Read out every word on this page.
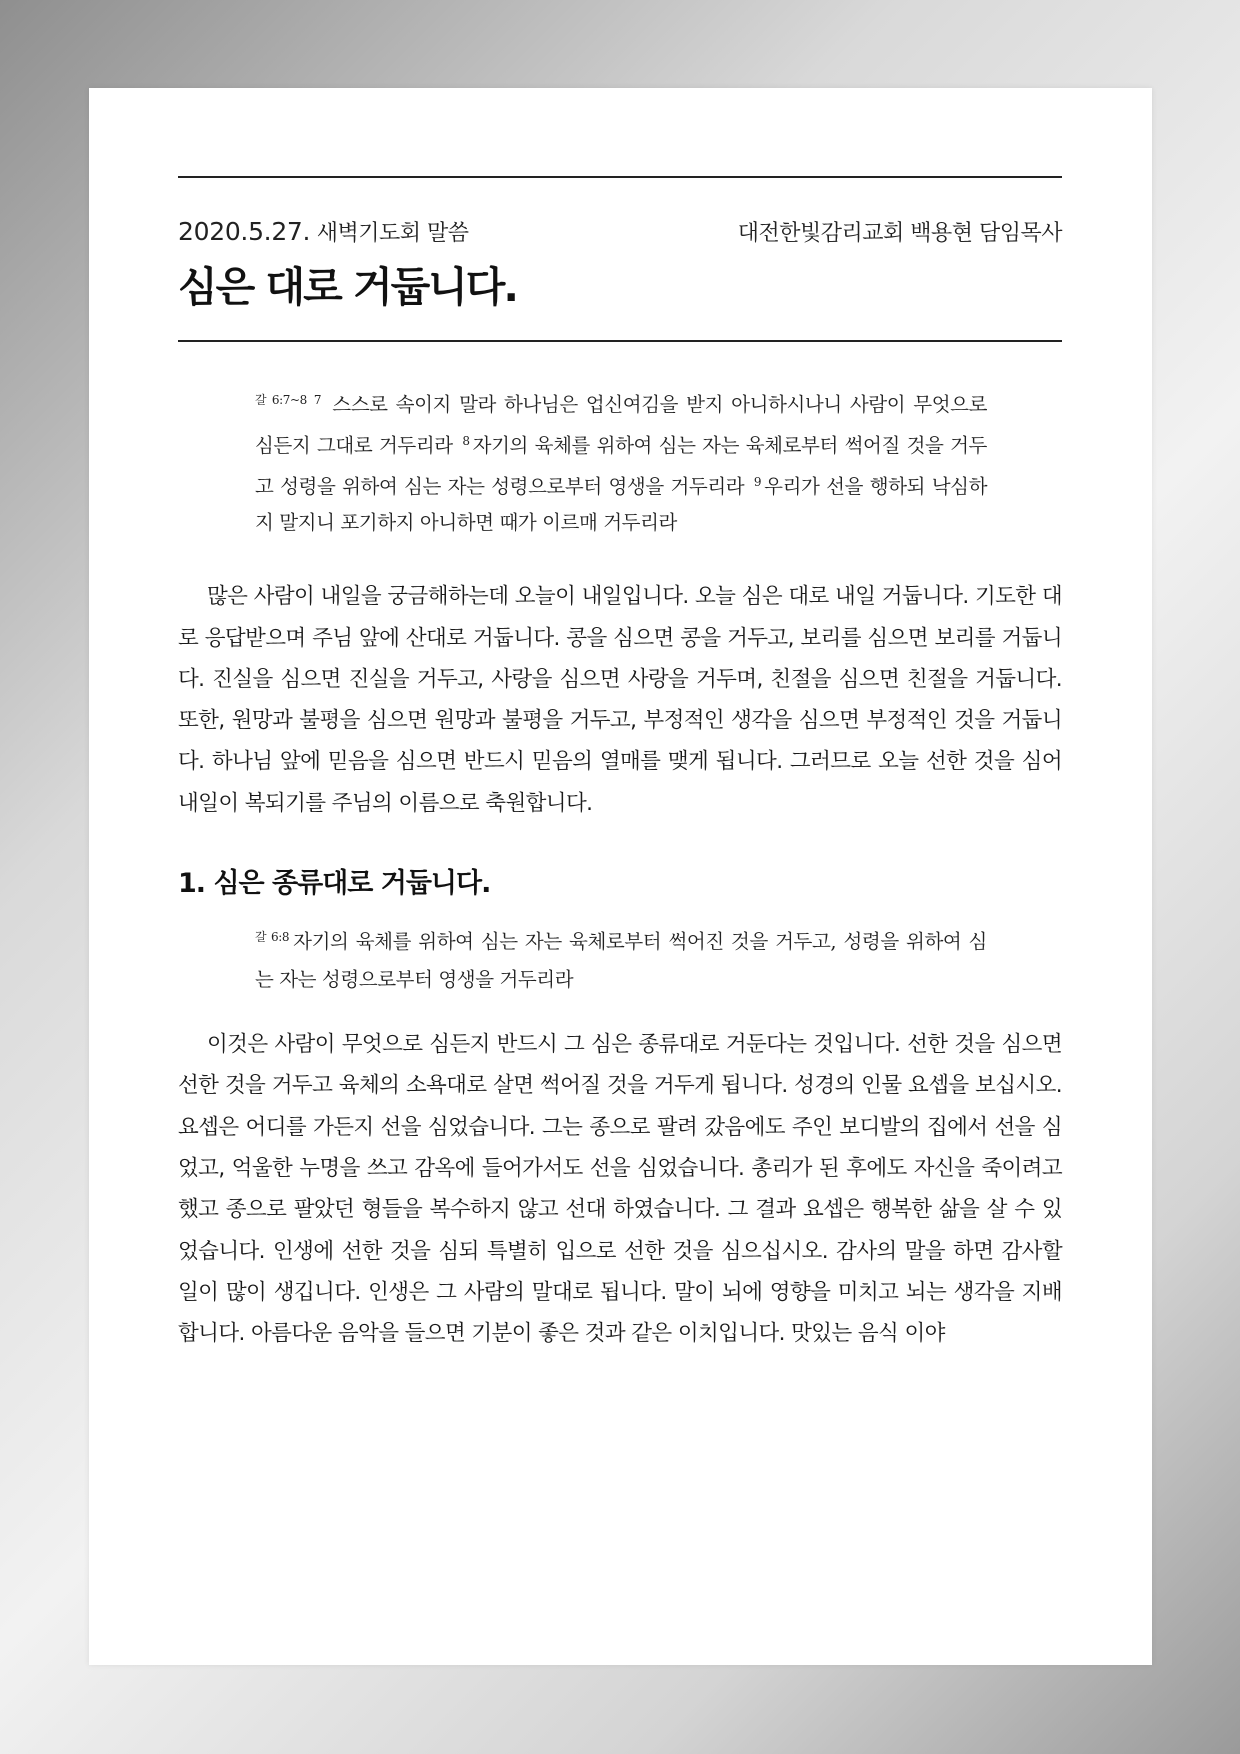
2020.5.27. 새벽기도회 말씀	대전한빛감리교회 백용현 담임목사
심은 대로 거둡니다.
$^{갈 6:7\sim 8}$ $^7$ 스스로 속이지 말라 하나님은 업신여김을 받지 아니하시나니 사람이 무엇으로 심든지 그대로 거두리라 $^8$ 자기의 육체를 위하여 심는 자는 육체로부터 썩어질 것을 거두고 성령을 위하여 심는 자는 성령으로부터 영생을 거두리라 $^9$ 우리가 선을 행하되 낙심하지 말지니 포기하지 아니하면 때가 이르매 거두리라

많은 사람이 내일을 궁금해하는데 오늘이 내일입니다. 오늘 심은 대로 내일 거둡니다. 기도한 대로 응답받으며 주님 앞에 산대로 거둡니다. 콩을 심으면 콩을 거두고, 보리를 심으면 보리를 거둡니다. 진실을 심으면 진실을 거두고, 사랑을 심으면 사랑을 거두며, 친절을 심으면 친절을 거둡니다. 또한, 원망과 불평을 심으면 원망과 불평을 거두고, 부정적인 생각을 심으면 부정적인 것을 거둡니다. 하나님 앞에 믿음을 심으면 반드시 믿음의 열매를 맺게 됩니다. 그러므로 오늘 선한 것을 심어 내일이 복되기를 주님의 이름으로 축원합니다.

1. 심은 종류대로 거둡니다.
$^{갈 6:8}$ 자기의 육체를 위하여 심는 자는 육체로부터 썩어진 것을 거두고, 성령을 위하여 심는 자는 성령으로부터 영생을 거두리라

이것은 사람이 무엇으로 심든지 반드시 그 심은 종류대로 거둔다는 것입니다. 선한 것을 심으면 선한 것을 거두고 육체의 소욕대로 살면 썩어질 것을 거두게 됩니다. 성경의 인물 요셉을 보십시오. 요셉은 어디를 가든지 선을 심었습니다. 그는 종으로 팔려 갔음에도 주인 보디발의 집에서 선을 심었고, 억울한 누명을 쓰고 감옥에 들어가서도 선을 심었습니다. 총리가 된 후에도 자신을 죽이려고 했고 종으로 팔았던 형들을 복수하지 않고 선대 하였습니다. 그 결과 요셉은 행복한 삶을 살 수 있었습니다. 인생에 선한 것을 심되 특별히 입으로 선한 것을 심으십시오. 감사의 말을 하면 감사할 일이 많이 생깁니다. 인생은 그 사람의 말대로 됩니다. 말이 뇌에 영향을 미치고 뇌는 생각을 지배합니다. 아름다운 음악을 들으면 기분이 좋은 것과 같은 이치입니다. 맛있는 음식 이야
